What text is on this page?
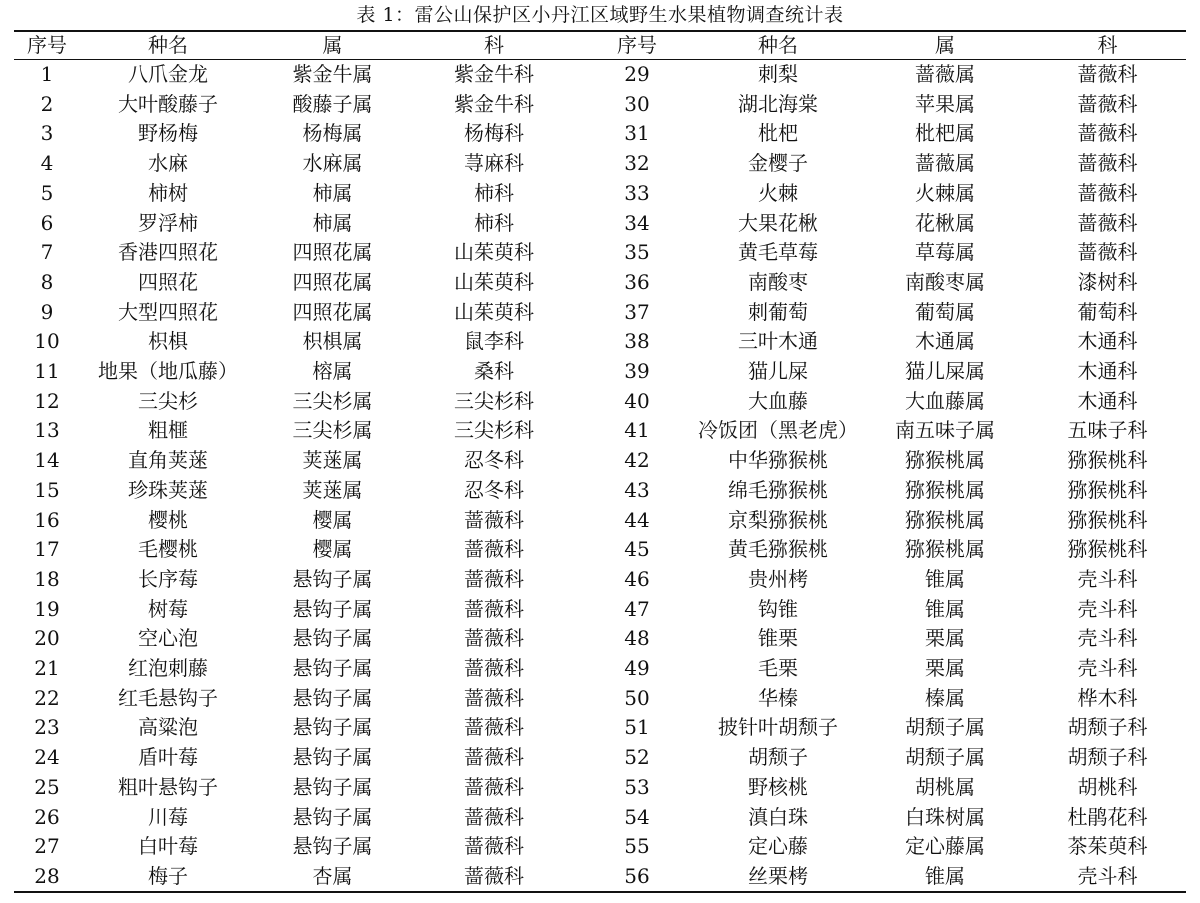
表 1：雷公山保护区小丹江区域野生水果植物调查统计表
序号	种名	属	科	序号	种名	属	科
1	八爪金龙	紫金牛属	紫金牛科	29	刺梨	蔷薇属	蔷薇科
2	大叶酸藤子	酸藤子属	紫金牛科	30	湖北海棠	苹果属	蔷薇科
3	野杨梅	杨梅属	杨梅科	31	枇杷	枇杷属	蔷薇科
4	水麻	水麻属	荨麻科	32	金樱子	蔷薇属	蔷薇科
5	柿树	柿属	柿科	33	火棘	火棘属	蔷薇科
6	罗浮柿	柿属	柿科	34	大果花楸	花楸属	蔷薇科
7	香港四照花	四照花属	山茱萸科	35	黄毛草莓	草莓属	蔷薇科
8	四照花	四照花属	山茱萸科	36	南酸枣	南酸枣属	漆树科
9	大型四照花	四照花属	山茱萸科	37	刺葡萄	葡萄属	葡萄科
10	枳椇	枳椇属	鼠李科	38	三叶木通	木通属	木通科
11	地果（地瓜藤）	榕属	桑科	39	猫儿屎	猫儿屎属	木通科
12	三尖杉	三尖杉属	三尖杉科	40	大血藤	大血藤属	木通科
13	粗榧	三尖杉属	三尖杉科	41	冷饭团（黑老虎）	南五味子属	五味子科
14	直角荚蒾	荚蒾属	忍冬科	42	中华猕猴桃	猕猴桃属	猕猴桃科
15	珍珠荚蒾	荚蒾属	忍冬科	43	绵毛猕猴桃	猕猴桃属	猕猴桃科
16	樱桃	樱属	蔷薇科	44	京梨猕猴桃	猕猴桃属	猕猴桃科
17	毛樱桃	樱属	蔷薇科	45	黄毛猕猴桃	猕猴桃属	猕猴桃科
18	长序莓	悬钩子属	蔷薇科	46	贵州栲	锥属	壳斗科
19	树莓	悬钩子属	蔷薇科	47	钩锥	锥属	壳斗科
20	空心泡	悬钩子属	蔷薇科	48	锥栗	栗属	壳斗科
21	红泡刺藤	悬钩子属	蔷薇科	49	毛栗	栗属	壳斗科
22	红毛悬钩子	悬钩子属	蔷薇科	50	华榛	榛属	桦木科
23	高粱泡	悬钩子属	蔷薇科	51	披针叶胡颓子	胡颓子属	胡颓子科
24	盾叶莓	悬钩子属	蔷薇科	52	胡颓子	胡颓子属	胡颓子科
25	粗叶悬钩子	悬钩子属	蔷薇科	53	野核桃	胡桃属	胡桃科
26	川莓	悬钩子属	蔷薇科	54	滇白珠	白珠树属	杜鹃花科
27	白叶莓	悬钩子属	蔷薇科	55	定心藤	定心藤属	茶茱萸科
28	梅子	杏属	蔷薇科	56	丝栗栲	锥属	壳斗科
